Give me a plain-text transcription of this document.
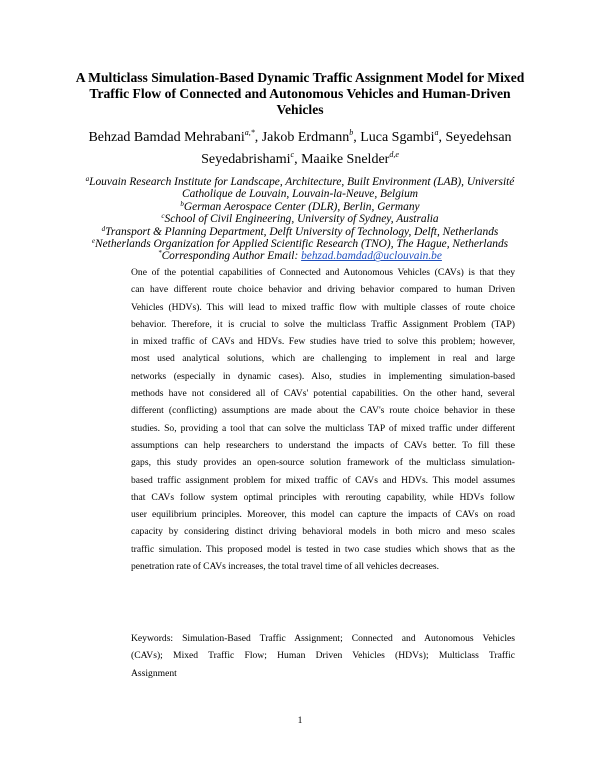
A Multiclass Simulation-Based Dynamic Traffic Assignment Model for Mixed
Traffic Flow of Connected and Autonomous Vehicles and Human-Driven
Vehicles
Behzad Bamdad Mehrabani$^{a,*}$, Jakob Erdmann$^b$, Luca Sgambi$^a$, Seyedehsan
Seyedabrishami$^c$, Maaike Snelder$^{d,e}$
$^a$Louvain Research Institute for Landscape, Architecture, Built Environment (LAB), Université
Catholique de Louvain, Louvain-la-Neuve, Belgium
$^b$German Aerospace Center (DLR), Berlin, Germany
$^c$School of Civil Engineering, University of Sydney, Australia
$^d$Transport & Planning Department, Delft University of Technology, Delft, Netherlands
$^e$Netherlands Organization for Applied Scientific Research (TNO), The Hague, Netherlands
*Corresponding Author Email: behzad.bamdad@uclouvain.be
One of the potential capabilities of Connected and Autonomous Vehicles (CAVs) is that they
can have different route choice behavior and driving behavior compared to human Driven
Vehicles (HDVs). This will lead to mixed traffic flow with multiple classes of route choice
behavior. Therefore, it is crucial to solve the multiclass Traffic Assignment Problem (TAP)
in mixed traffic of CAVs and HDVs. Few studies have tried to solve this problem; however,
most used analytical solutions, which are challenging to implement in real and large
networks (especially in dynamic cases). Also, studies in implementing simulation-based
methods have not considered all of CAVs' potential capabilities. On the other hand, several
different (conflicting) assumptions are made about the CAV's route choice behavior in these
studies. So, providing a tool that can solve the multiclass TAP of mixed traffic under different
assumptions can help researchers to understand the impacts of CAVs better. To fill these
gaps, this study provides an open-source solution framework of the multiclass simulation-
based traffic assignment problem for mixed traffic of CAVs and HDVs. This model assumes
that CAVs follow system optimal principles with rerouting capability, while HDVs follow
user equilibrium principles. Moreover, this model can capture the impacts of CAVs on road
capacity by considering distinct driving behavioral models in both micro and meso scales
traffic simulation. This proposed model is tested in two case studies which shows that as the
penetration rate of CAVs increases, the total travel time of all vehicles decreases.
Keywords: Simulation-Based Traffic Assignment; Connected and Autonomous Vehicles
(CAVs); Mixed Traffic Flow; Human Driven Vehicles (HDVs); Multiclass Traffic
Assignment
1
